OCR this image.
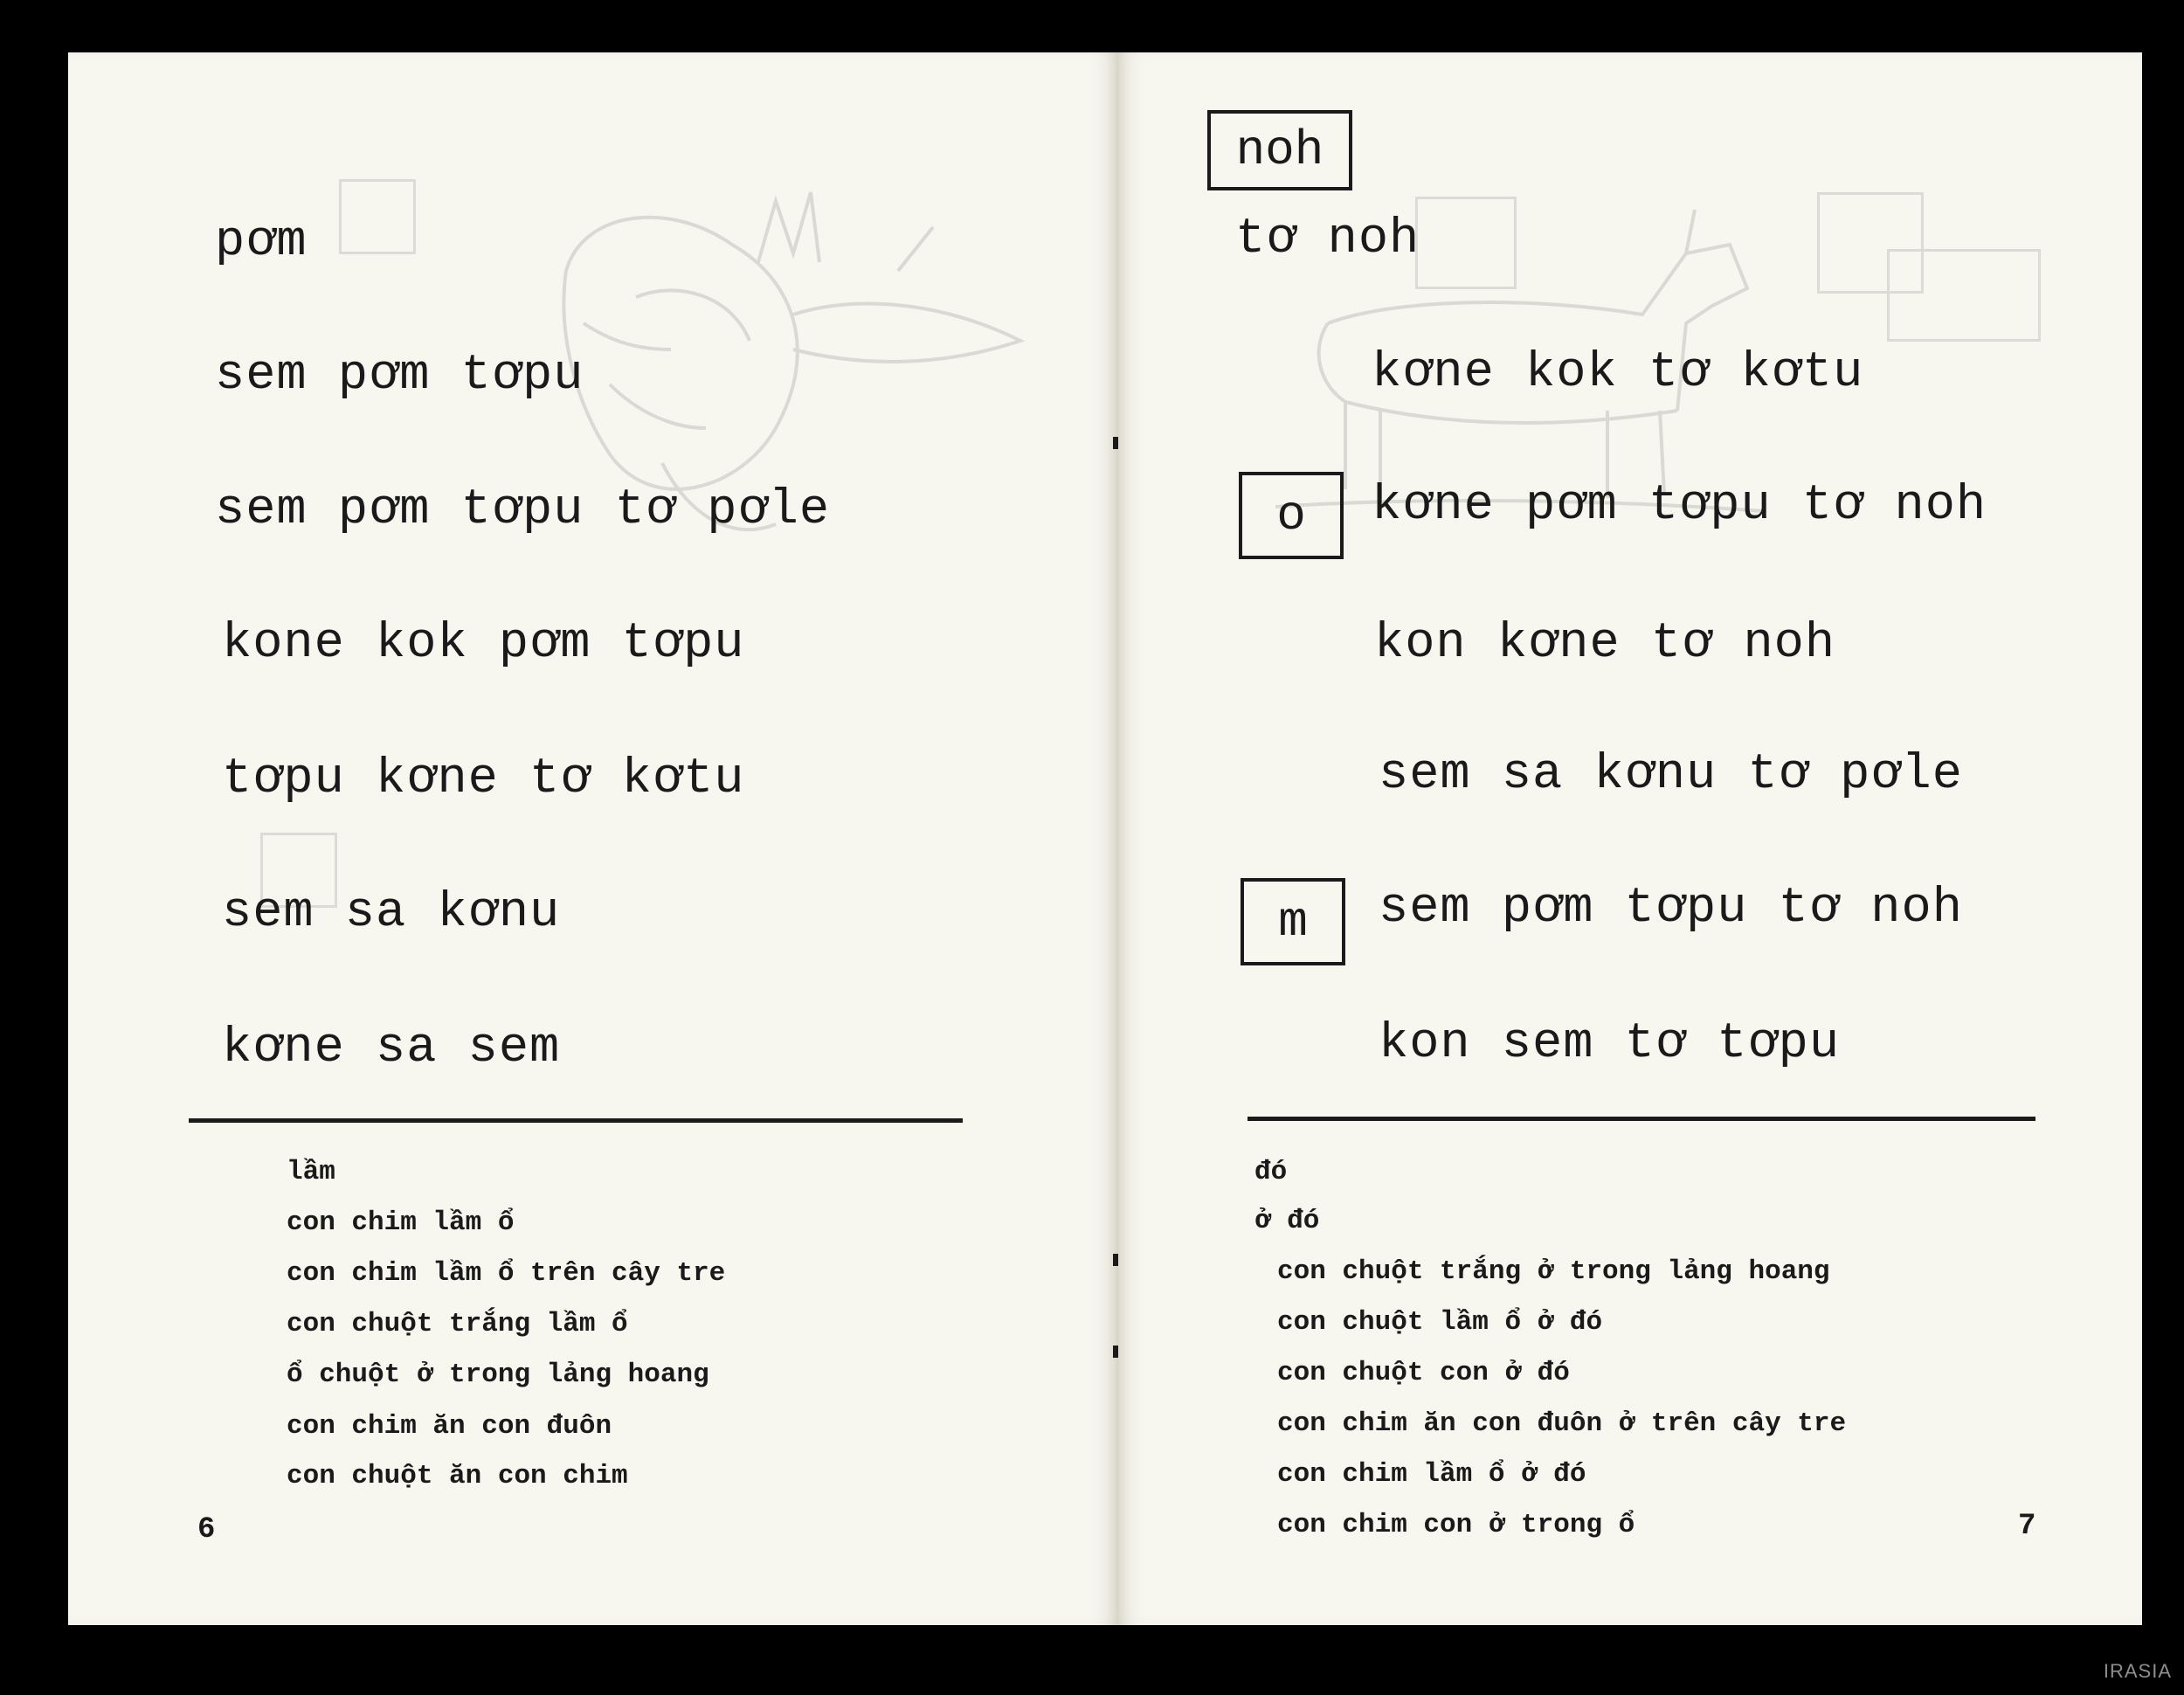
pơm
sem pơm tơpu
sem pơm tơpu tơ pơle
kone kok pơm tơpu
tơpu kơne tơ kơtu
sem sa kơnu
kơne sa sem
lầm
con chim lầm ổ
con chim lầm ổ trên cây tre
con chuột trắng lầm ổ
ổ chuột ở trong lảng hoang
con chim ăn con đuôn
con chuột ăn con chim
6
noh
tơ noh
kơne kok tơ kơtu
o kơne pơm tơpu tơ noh
kon kơne tơ noh
sem sa kơnu tơ pơle
m sem pơm tơpu tơ noh
kon sem tơ tơpu
đó
ở đó
con chuột trắng ở trong lảng hoang
con chuột lầm ổ ở đó
con chuột con ở đó
con chim ăn con đuôn ở trên cây tre
con chim lầm ổ ở đó
con chim con ở trong ổ	7
IRASIA
